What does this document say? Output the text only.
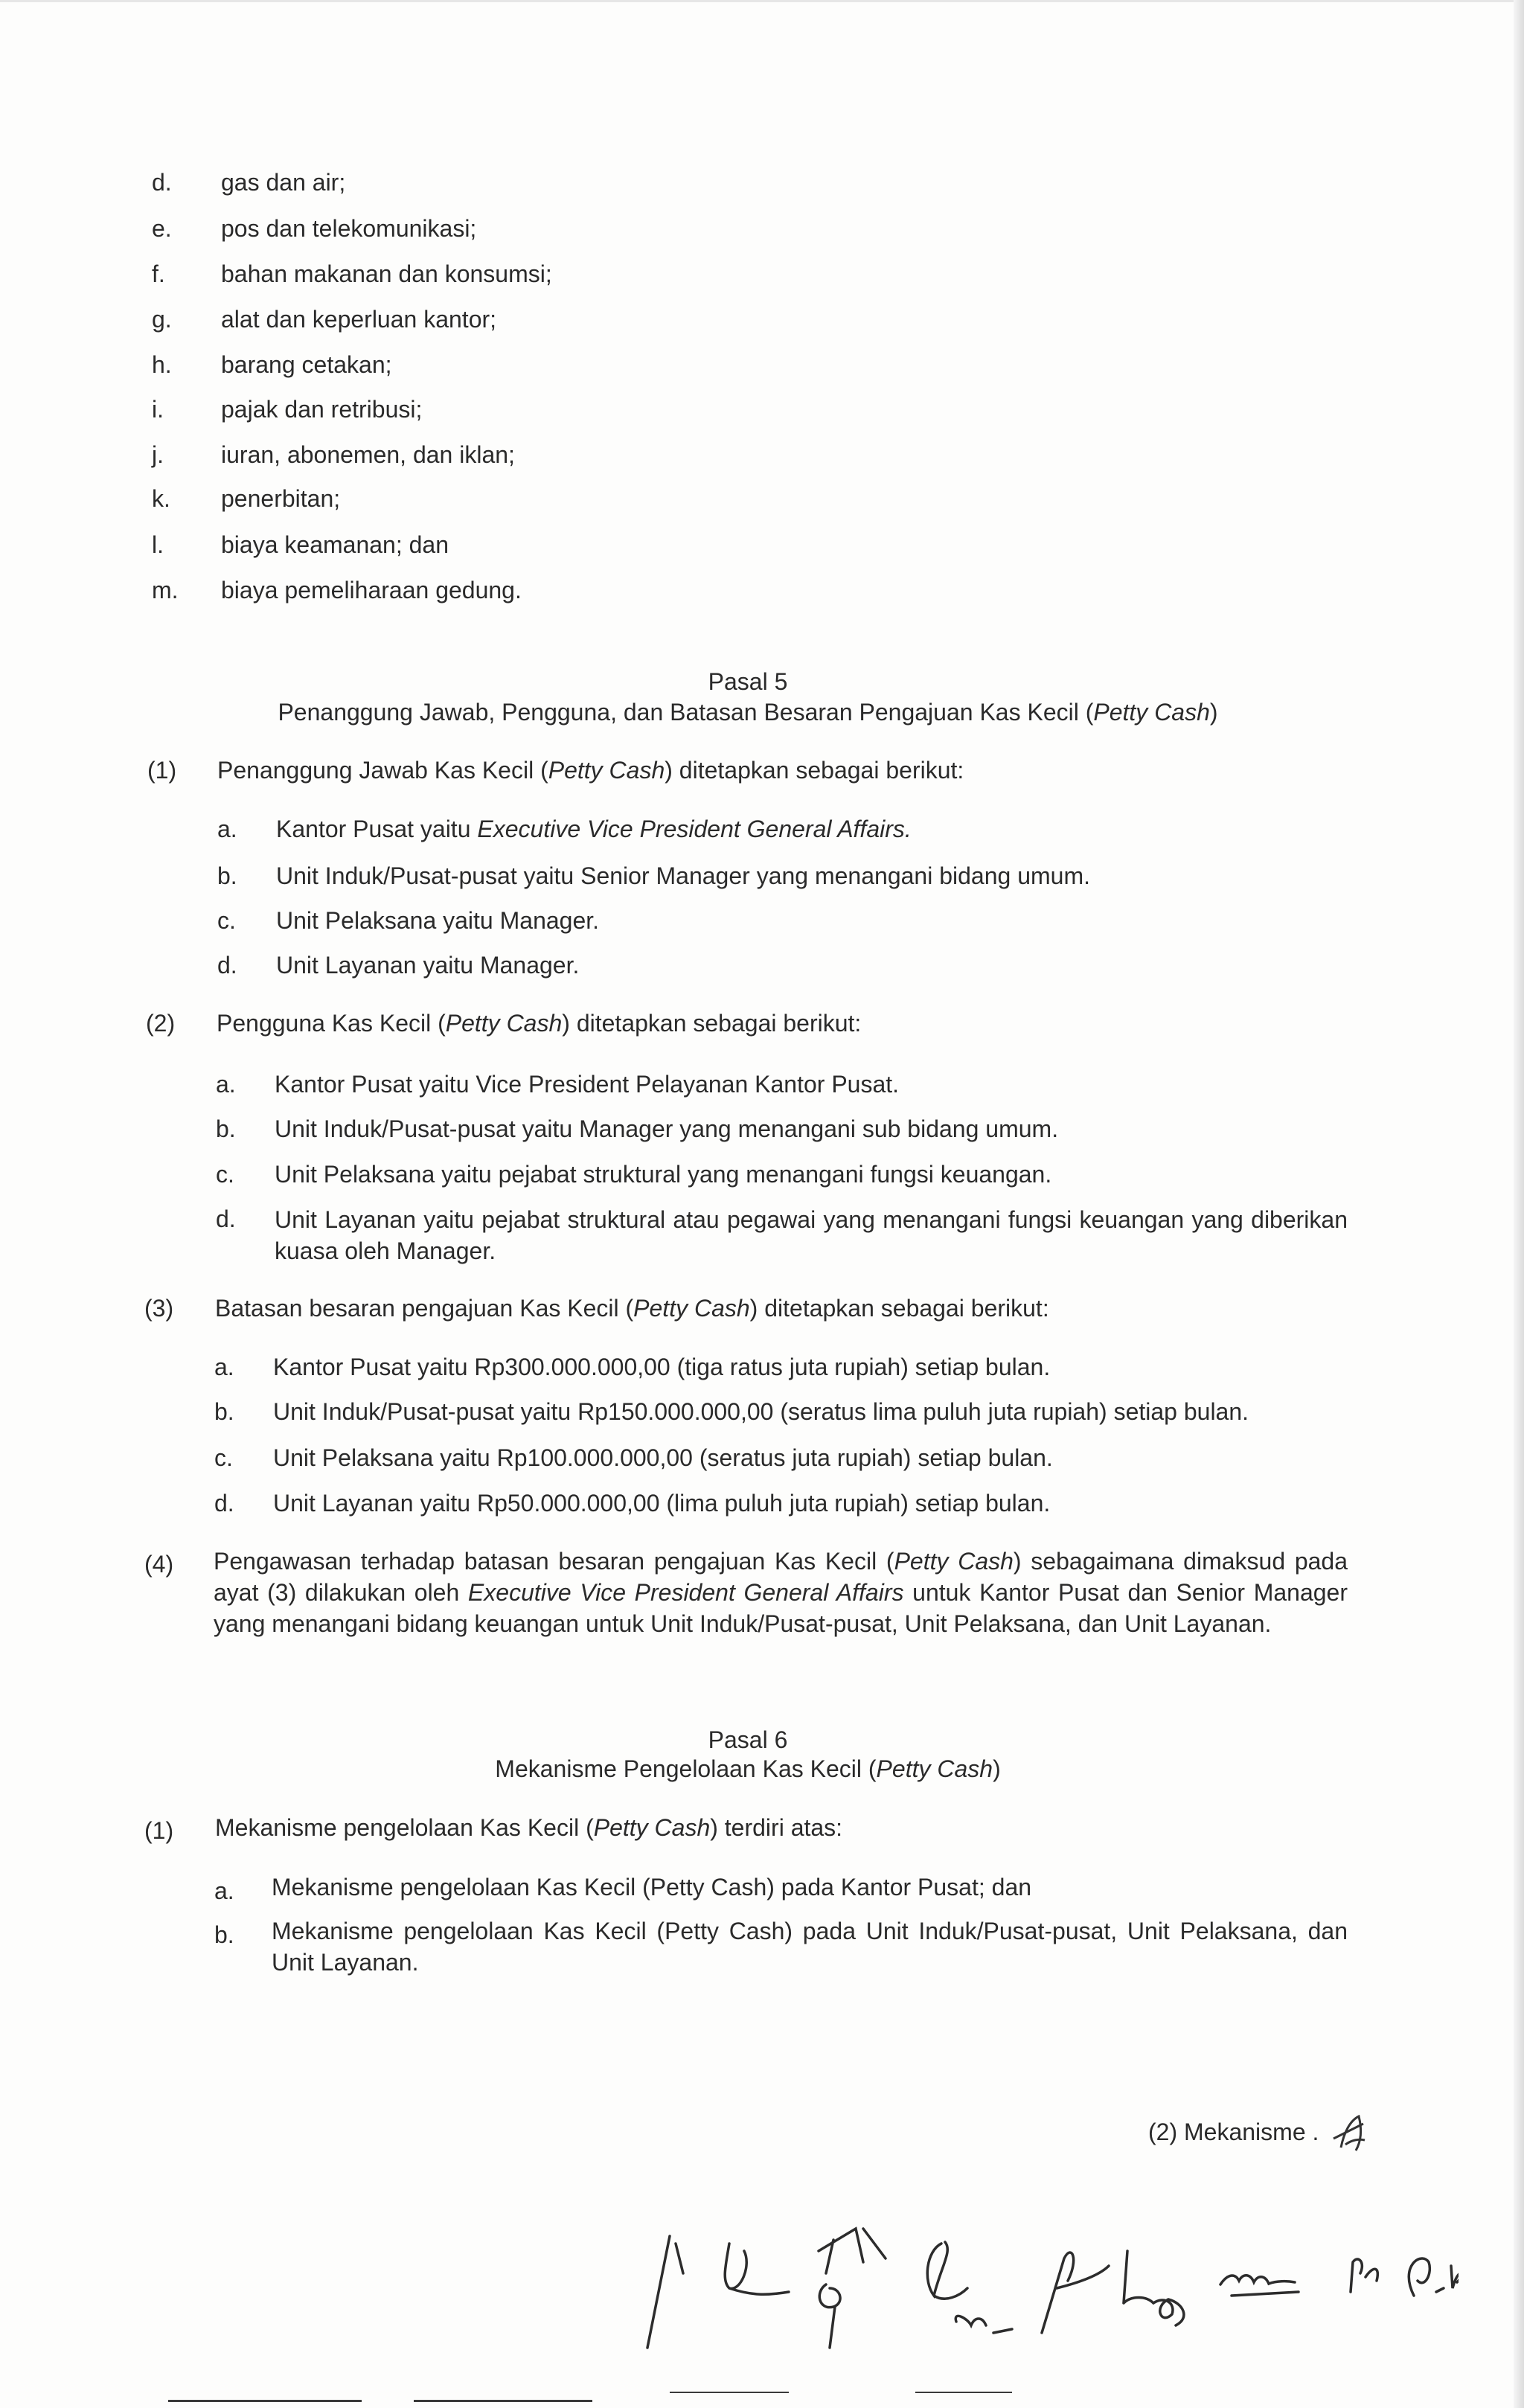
d. gas dan air;
e. pos dan telekomunikasi;
f. bahan makanan dan konsumsi;
g. alat dan keperluan kantor;
h. barang cetakan;
i. pajak dan retribusi;
j. iuran, abonemen, dan iklan;
k. penerbitan;
l. biaya keamanan; dan
m. biaya pemeliharaan gedung.
Pasal 5
Penanggung Jawab, Pengguna, dan Batasan Besaran Pengajuan Kas Kecil (Petty Cash)
(1) Penanggung Jawab Kas Kecil (Petty Cash) ditetapkan sebagai berikut:
a. Kantor Pusat yaitu Executive Vice President General Affairs.
b. Unit Induk/Pusat-pusat yaitu Senior Manager yang menangani bidang umum.
c. Unit Pelaksana yaitu Manager.
d. Unit Layanan yaitu Manager.
(2) Pengguna Kas Kecil (Petty Cash) ditetapkan sebagai berikut:
a. Kantor Pusat yaitu Vice President Pelayanan Kantor Pusat.
b. Unit Induk/Pusat-pusat yaitu Manager yang menangani sub bidang umum.
c. Unit Pelaksana yaitu pejabat struktural yang menangani fungsi keuangan.
d. Unit Layanan yaitu pejabat struktural atau pegawai yang menangani fungsi keuangan yang diberikan kuasa oleh Manager.
(3) Batasan besaran pengajuan Kas Kecil (Petty Cash) ditetapkan sebagai berikut:
a. Kantor Pusat yaitu Rp300.000.000,00 (tiga ratus juta rupiah) setiap bulan.
b. Unit Induk/Pusat-pusat yaitu Rp150.000.000,00 (seratus lima puluh juta rupiah) setiap bulan.
c. Unit Pelaksana yaitu Rp100.000.000,00 (seratus juta rupiah) setiap bulan.
d. Unit Layanan yaitu Rp50.000.000,00 (lima puluh juta rupiah) setiap bulan.
(4) Pengawasan terhadap batasan besaran pengajuan Kas Kecil (Petty Cash) sebagaimana dimaksud pada ayat (3) dilakukan oleh Executive Vice President General Affairs untuk Kantor Pusat dan Senior Manager yang menangani bidang keuangan untuk Unit Induk/Pusat-pusat, Unit Pelaksana, dan Unit Layanan.
Pasal 6
Mekanisme Pengelolaan Kas Kecil (Petty Cash)
(1) Mekanisme pengelolaan Kas Kecil (Petty Cash) terdiri atas:
a. Mekanisme pengelolaan Kas Kecil (Petty Cash) pada Kantor Pusat; dan
b. Mekanisme pengelolaan Kas Kecil (Petty Cash) pada Unit Induk/Pusat-pusat, Unit Pelaksana, dan Unit Layanan.
(2) Mekanisme .
